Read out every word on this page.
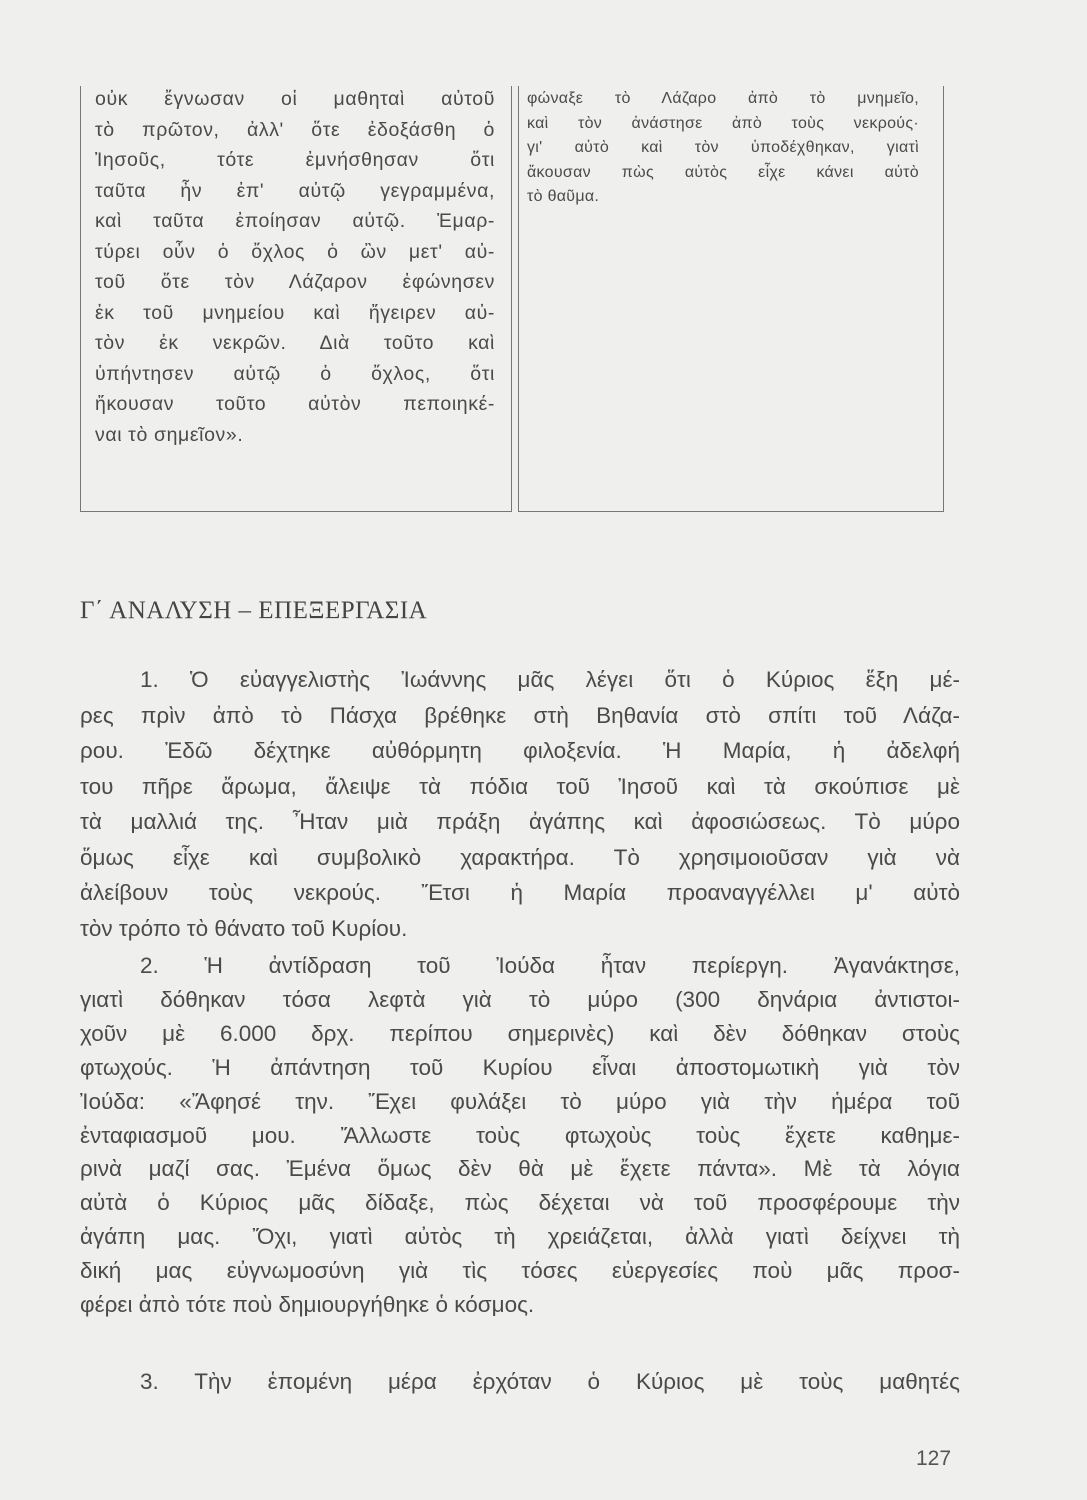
οὐκ ἔγνωσαν οἱ μαθηταὶ αὐτοῦ
τὸ πρῶτον, ἀλλ' ὅτε ἐδοξάσθη ὁ
Ἰησοῦς, τότε ἐμνήσθησαν ὅτι
ταῦτα ἦν ἐπ' αὐτῷ γεγραμμένα,
καὶ ταῦτα ἐποίησαν αὐτῷ. Ἐμαρ-
τύρει οὖν ὁ ὄχλος ὁ ὢν μετ' αὐ-
τοῦ ὅτε τὸν Λάζαρον ἐφώνησεν
ἐκ τοῦ μνημείου καὶ ἤγειρεν αὐ-
τὸν ἐκ νεκρῶν. Διὰ τοῦτο καὶ
ὑπήντησεν αὐτῷ ὁ ὄχλος, ὅτι
ἤκουσαν τοῦτο αὐτὸν πεποιηκέ-
ναι τὸ σημεῖον».
φώναξε τὸ Λάζαρο ἀπὸ τὸ μνημεῖο,
καὶ τὸν ἀνάστησε ἀπὸ τοὺς νεκρούς·
γι' αὐτὸ καὶ τὸν ὑποδέχθηκαν, γιατὶ
ἄκουσαν πὼς αὐτὸς εἶχε κάνει αὐτὸ
τὸ θαῦμα.
Γ΄ ΑΝΑΛΥΣΗ – ΕΠΕΞΕΡΓΑΣΙΑ
127
1. Ὁ εὐαγγελιστὴς Ἰωάννης μᾶς λέγει ὅτι ὁ Κύριος ἕξη μέ-
ρες πρὶν ἀπὸ τὸ Πάσχα βρέθηκε στὴ Βηθανία στὸ σπίτι τοῦ Λάζα-
ρου. Ἐδῶ δέχτηκε αὐθόρμητη φιλοξενία. Ἡ Μαρία, ἡ ἀδελφή
του πῆρε ἄρωμα, ἄλειψε τὰ πόδια τοῦ Ἰησοῦ καὶ τὰ σκούπισε μὲ
τὰ μαλλιά της. Ἦταν μιὰ πράξη ἀγάπης καὶ ἀφοσιώσεως. Τὸ μύρο
ὅμως εἶχε καὶ συμβολικὸ χαρακτήρα. Τὸ χρησιμοιοῦσαν γιὰ νὰ
ἀλείβουν τοὺς νεκρούς. Ἔτσι ἡ Μαρία προαναγγέλλει μ' αὐτὸ
τὸν τρόπο τὸ θάνατο τοῦ Κυρίου.
2. Ἡ ἀντίδραση τοῦ Ἰούδα ἦταν περίεργη. Ἀγανάκτησε,
γιατὶ δόθηκαν τόσα λεφτὰ γιὰ τὸ μύρο (300 δηνάρια ἀντιστοι-
χοῦν μὲ 6.000 δρχ. περίπου σημερινὲς) καὶ δὲν δόθηκαν στοὺς
φτωχούς. Ἡ ἀπάντηση τοῦ Κυρίου εἶναι ἀποστομωτικὴ γιὰ τὸν
Ἰούδα: «Ἄφησέ την. Ἔχει φυλάξει τὸ μύρο γιὰ τὴν ἡμέρα τοῦ
ἐνταφιασμοῦ μου. Ἄλλωστε τοὺς φτωχοὺς τοὺς ἔχετε καθημε-
ρινὰ μαζί σας. Ἐμένα ὅμως δὲν θὰ μὲ ἔχετε πάντα». Μὲ τὰ λόγια
αὐτὰ ὁ Κύριος μᾶς δίδαξε, πὼς δέχεται νὰ τοῦ προσφέρουμε τὴν
ἀγάπη μας. Ὄχι, γιατὶ αὐτὸς τὴ χρειάζεται, ἀλλὰ γιατὶ δείχνει τὴ
δική μας εὐγνωμοσύνη γιὰ τὶς τόσες εὐεργεσίες ποὺ μᾶς προσ-
φέρει ἀπὸ τότε ποὺ δημιουργήθηκε ὁ κόσμος.
3. Τὴν ἑπομένη μέρα ἐρχόταν ὁ Κύριος μὲ τοὺς μαθητές
